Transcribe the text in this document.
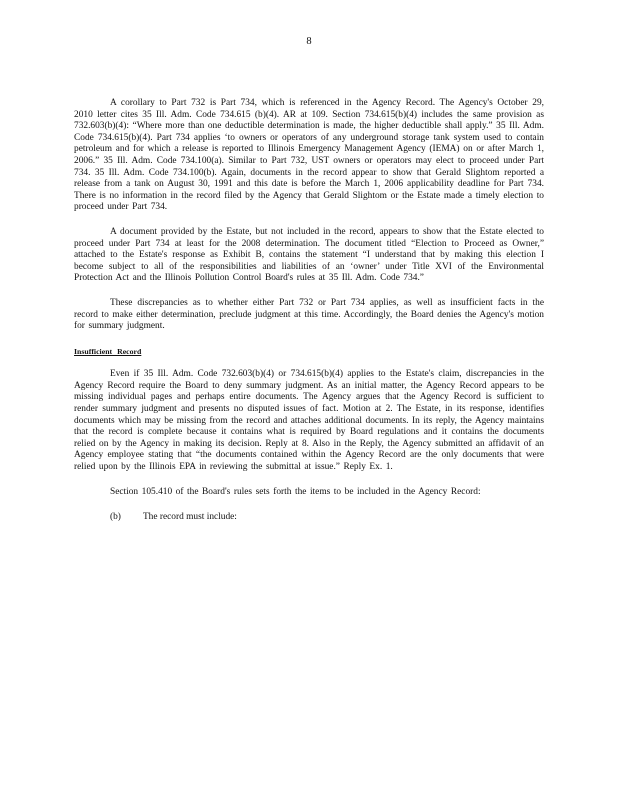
8

A corollary to Part 732 is Part 734, which is referenced in the Agency Record. The Agency's October 29, 2010 letter cites 35 Ill. Adm. Code 734.615 (b)(4). AR at 109. Section 734.615(b)(4) includes the same provision as 732.603(b)(4): “Where more than one deductible determination is made, the higher deductible shall apply.” 35 Ill. Adm. Code 734.615(b)(4). Part 734 applies ‘to owners or operators of any underground storage tank system used to contain petroleum and for which a release is reported to Illinois Emergency Management Agency (IEMA) on or after March 1, 2006.” 35 Ill. Adm. Code 734.100(a). Similar to Part 732, UST owners or operators may elect to proceed under Part 734. 35 Ill. Adm. Code 734.100(b). Again, documents in the record appear to show that Gerald Slightom reported a release from a tank on August 30, 1991 and this date is before the March 1, 2006 applicability deadline for Part 734. There is no information in the record filed by the Agency that Gerald Slightom or the Estate made a timely election to proceed under Part 734.

A document provided by the Estate, but not included in the record, appears to show that the Estate elected to proceed under Part 734 at least for the 2008 determination. The document titled “Election to Proceed as Owner,” attached to the Estate's response as Exhibit B, contains the statement “I understand that by making this election I become subject to all of the responsibilities and liabilities of an ‘owner’ under Title XVI of the Environmental Protection Act and the Illinois Pollution Control Board's rules at 35 Ill. Adm. Code 734.”

These discrepancies as to whether either Part 732 or Part 734 applies, as well as insufficient facts in the record to make either determination, preclude judgment at this time. Accordingly, the Board denies the Agency's motion for summary judgment.

Insufficient Record

Even if 35 Ill. Adm. Code 732.603(b)(4) or 734.615(b)(4) applies to the Estate's claim, discrepancies in the Agency Record require the Board to deny summary judgment. As an initial matter, the Agency Record appears to be missing individual pages and perhaps entire documents. The Agency argues that the Agency Record is sufficient to render summary judgment and presents no disputed issues of fact. Motion at 2. The Estate, in its response, identifies documents which may be missing from the record and attaches additional documents. In its reply, the Agency maintains that the record is complete because it contains what is required by Board regulations and it contains the documents relied on by the Agency in making its decision. Reply at 8. Also in the Reply, the Agency submitted an affidavit of an Agency employee stating that “the documents contained within the Agency Record are the only documents that were relied upon by the Illinois EPA in reviewing the submittal at issue.” Reply Ex. 1.

Section 105.410 of the Board's rules sets forth the items to be included in the Agency Record:

(b) The record must include:
